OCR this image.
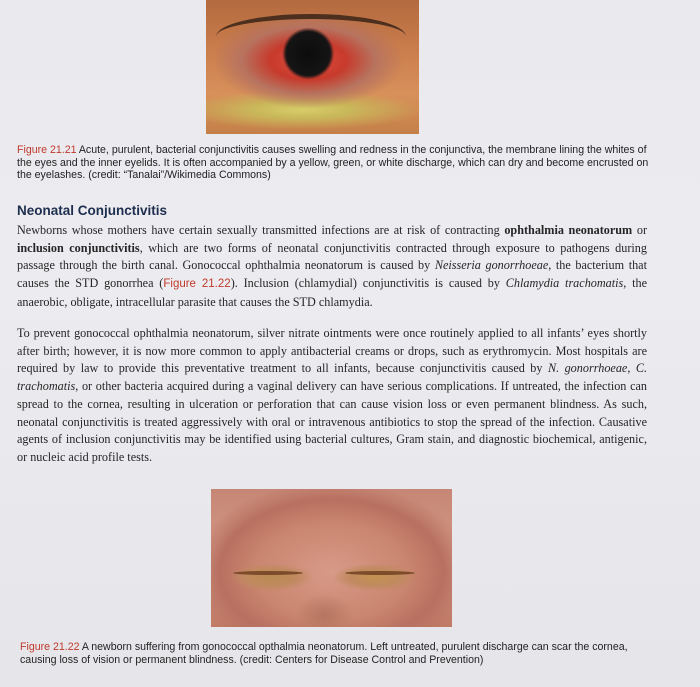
Figure 21.21 Acute, purulent, bacterial conjunctivitis causes swelling and redness in the conjunctiva, the membrane lining the whites of the eyes and the inner eyelids. It is often accompanied by a yellow, green, or white discharge, which can dry and become encrusted on the eyelashes. (credit: “Tanalai”/Wikimedia Commons)
Neonatal Conjunctivitis
Newborns whose mothers have certain sexually transmitted infections are at risk of contracting ophthalmia neonatorum or inclusion conjunctivitis, which are two forms of neonatal conjunctivitis contracted through exposure to pathogens during passage through the birth canal. Gonococcal ophthalmia neonatorum is caused by Neisseria gonorrhoeae, the bacterium that causes the STD gonorrhea (Figure 21.22). Inclusion (chlamydial) conjunctivitis is caused by Chlamydia trachomatis, the anaerobic, obligate, intracellular parasite that causes the STD chlamydia.
To prevent gonococcal ophthalmia neonatorum, silver nitrate ointments were once routinely applied to all infants’ eyes shortly after birth; however, it is now more common to apply antibacterial creams or drops, such as erythromycin. Most hospitals are required by law to provide this preventative treatment to all infants, because conjunctivitis caused by N. gonorrhoeae, C. trachomatis, or other bacteria acquired during a vaginal delivery can have serious complications. If untreated, the infection can spread to the cornea, resulting in ulceration or perforation that can cause vision loss or even permanent blindness. As such, neonatal conjunctivitis is treated aggressively with oral or intravenous antibiotics to stop the spread of the infection. Causative agents of inclusion conjunctivitis may be identified using bacterial cultures, Gram stain, and diagnostic biochemical, antigenic, or nucleic acid profile tests.
Figure 21.22 A newborn suffering from gonococcal opthalmia neonatorum. Left untreated, purulent discharge can scar the cornea, causing loss of vision or permanent blindness. (credit: Centers for Disease Control and Prevention)
